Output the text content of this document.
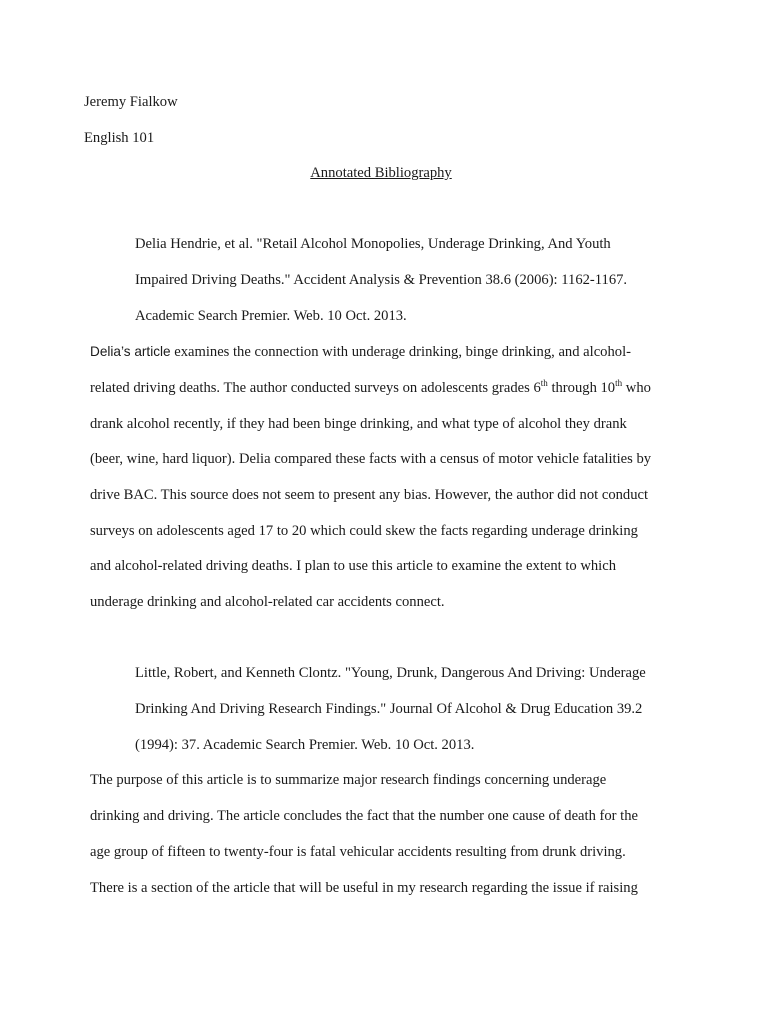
Jeremy Fialkow
English 101
Annotated Bibliography
Delia Hendrie, et al. "Retail Alcohol Monopolies, Underage Drinking, And Youth
Impaired Driving Deaths." Accident Analysis & Prevention 38.6 (2006): 1162-1167.
Academic Search Premier. Web. 10 Oct. 2013.
Delia’s article examines the connection with underage drinking, binge drinking, and alcohol-
related driving deaths. The author conducted surveys on adolescents grades 6th through 10th who
drank alcohol recently, if they had been binge drinking, and what type of alcohol they drank
(beer, wine, hard liquor). Delia compared these facts with a census of motor vehicle fatalities by
drive BAC. This source does not seem to present any bias. However, the author did not conduct
surveys on adolescents aged 17 to 20 which could skew the facts regarding underage drinking
and alcohol-related driving deaths. I plan to use this article to examine the extent to which
underage drinking and alcohol-related car accidents connect.
Little, Robert, and Kenneth Clontz. "Young, Drunk, Dangerous And Driving: Underage
Drinking And Driving Research Findings." Journal Of Alcohol & Drug Education 39.2
(1994): 37. Academic Search Premier. Web. 10 Oct. 2013.
The purpose of this article is to summarize major research findings concerning underage
drinking and driving. The article concludes the fact that the number one cause of death for the
age group of fifteen to twenty-four is fatal vehicular accidents resulting from drunk driving.
There is a section of the article that will be useful in my research regarding the issue if raising
